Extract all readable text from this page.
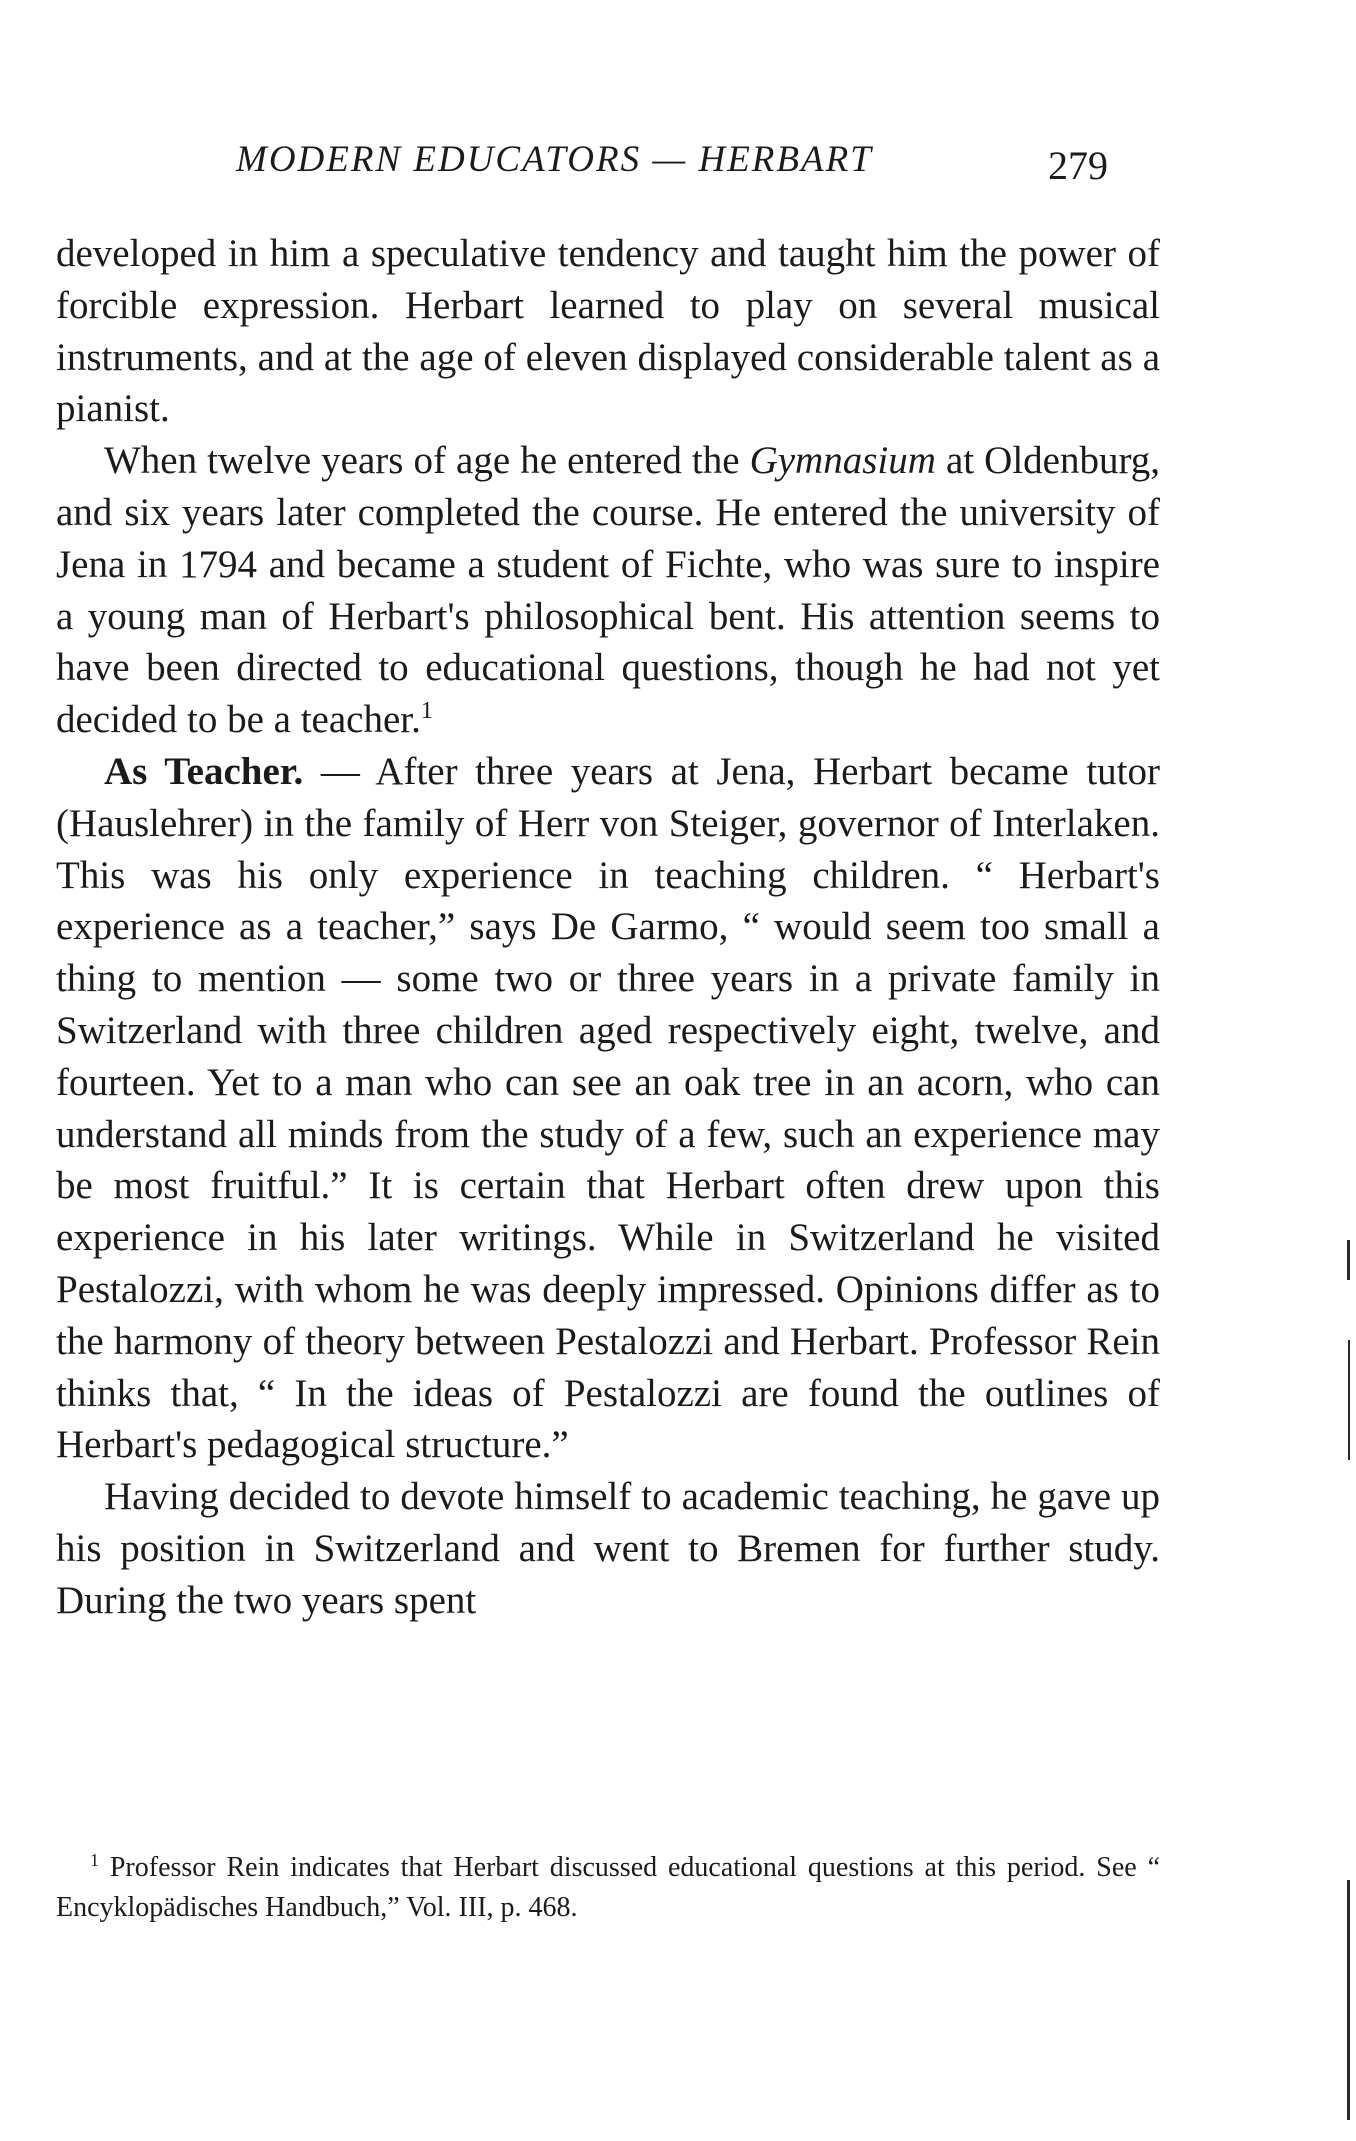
MODERN EDUCATORS — HERBART	279

developed in him a speculative tendency and taught him the power of forcible expression. Herbart learned to play on several musical instruments, and at the age of eleven displayed considerable talent as a pianist.

When twelve years of age he entered the Gymnasium at Oldenburg, and six years later completed the course. He entered the university of Jena in 1794 and became a student of Fichte, who was sure to inspire a young man of Herbart's philosophical bent. His attention seems to have been directed to educational questions, though he had not yet decided to be a teacher.$^1$

As Teacher. — After three years at Jena, Herbart became tutor (Hauslehrer) in the family of Herr von Steiger, governor of Interlaken. This was his only experience in teaching children. “ Herbart's experience as a teacher,” says De Garmo, “ would seem too small a thing to mention — some two or three years in a private family in Switzerland with three children aged respectively eight, twelve, and fourteen. Yet to a man who can see an oak tree in an acorn, who can understand all minds from the study of a few, such an experience may be most fruitful.” It is certain that Herbart often drew upon this experience in his later writings. While in Switzerland he visited Pestalozzi, with whom he was deeply impressed. Opinions differ as to the harmony of theory between Pestalozzi and Herbart. Professor Rein thinks that, “ In the ideas of Pestalozzi are found the outlines of Herbart's pedagogical structure.”

Having decided to devote himself to academic teaching, he gave up his position in Switzerland and went to Bremen for further study. During the two years spent

$^1$ Professor Rein indicates that Herbart discussed educational questions at this period. See “ Encyklopädisches Handbuch,” Vol. III, p. 468.
